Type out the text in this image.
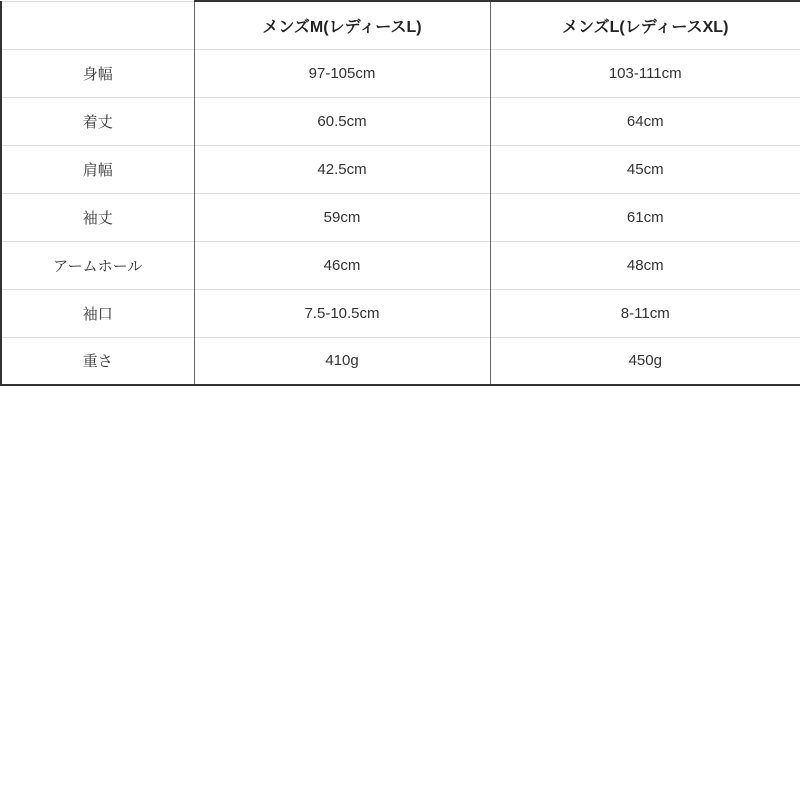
	メンズM(レディースL)	メンズL(レディースXL)
身幅	97-105cm	103-111cm
着丈	60.5cm	64cm
肩幅	42.5cm	45cm
袖丈	59cm	61cm
アームホール	46cm	48cm
袖口	7.5-10.5cm	8-11cm
重さ	410g	450g
